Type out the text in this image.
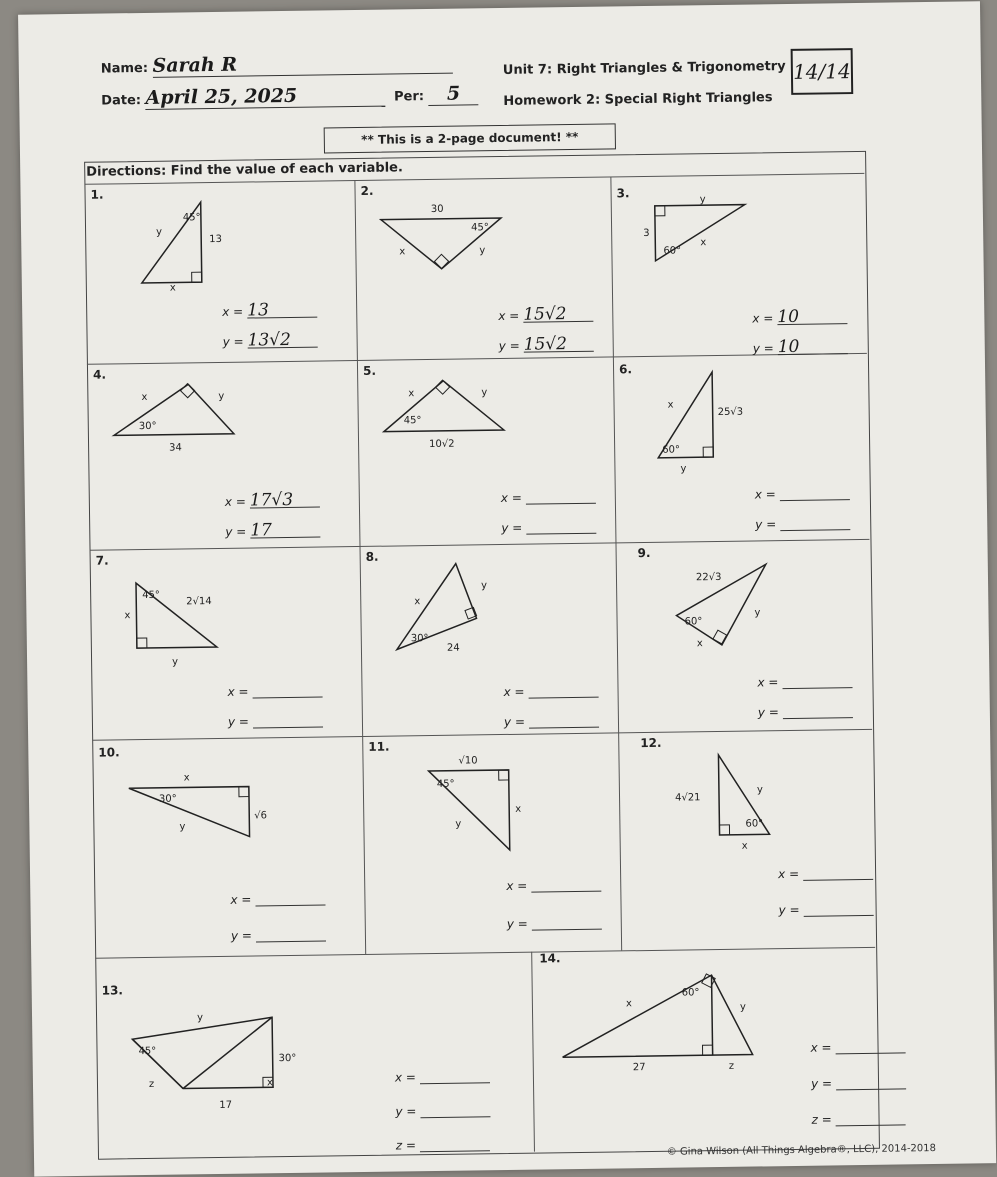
Name: Sarah R
Date: April 25, 2025	Per: 5
Unit 7: Right Triangles & Trigonometry
Homework 2: Special Right Triangles
14/14
** This is a 2-page document! **
Directions: Find the value of each variable.
1.
45°
13
y
x
x = 13
y = 13√2
2.
30
45°
x	y
x = 15√2
y = 15√2
3.	y
3
60°
x
x = 10
y = 10
4.
x	y
30°
34
x = 17√3
y = 17
5.
x	y
45°
10√2
x =
y =
6.
x
25√3
60°
y
x =
y =
7.
45°
2√14
x
y
x =
y =
8.
x
y
30°
24
x =
y =
9.
22√3
60°
y
x
x =
y =
10.
x
30°
y
√6
x =
y =
11.
√10
45°
x
y
x =
y =
12.
4√21
y
60°
x
x =
y =
13.
y
45°
30°
x
z
17
x =
y =
z =
14.
x
60°
y
27	z
x =
y =
z =
© Gina Wilson (All Things Algebra®, LLC), 2014-2018
